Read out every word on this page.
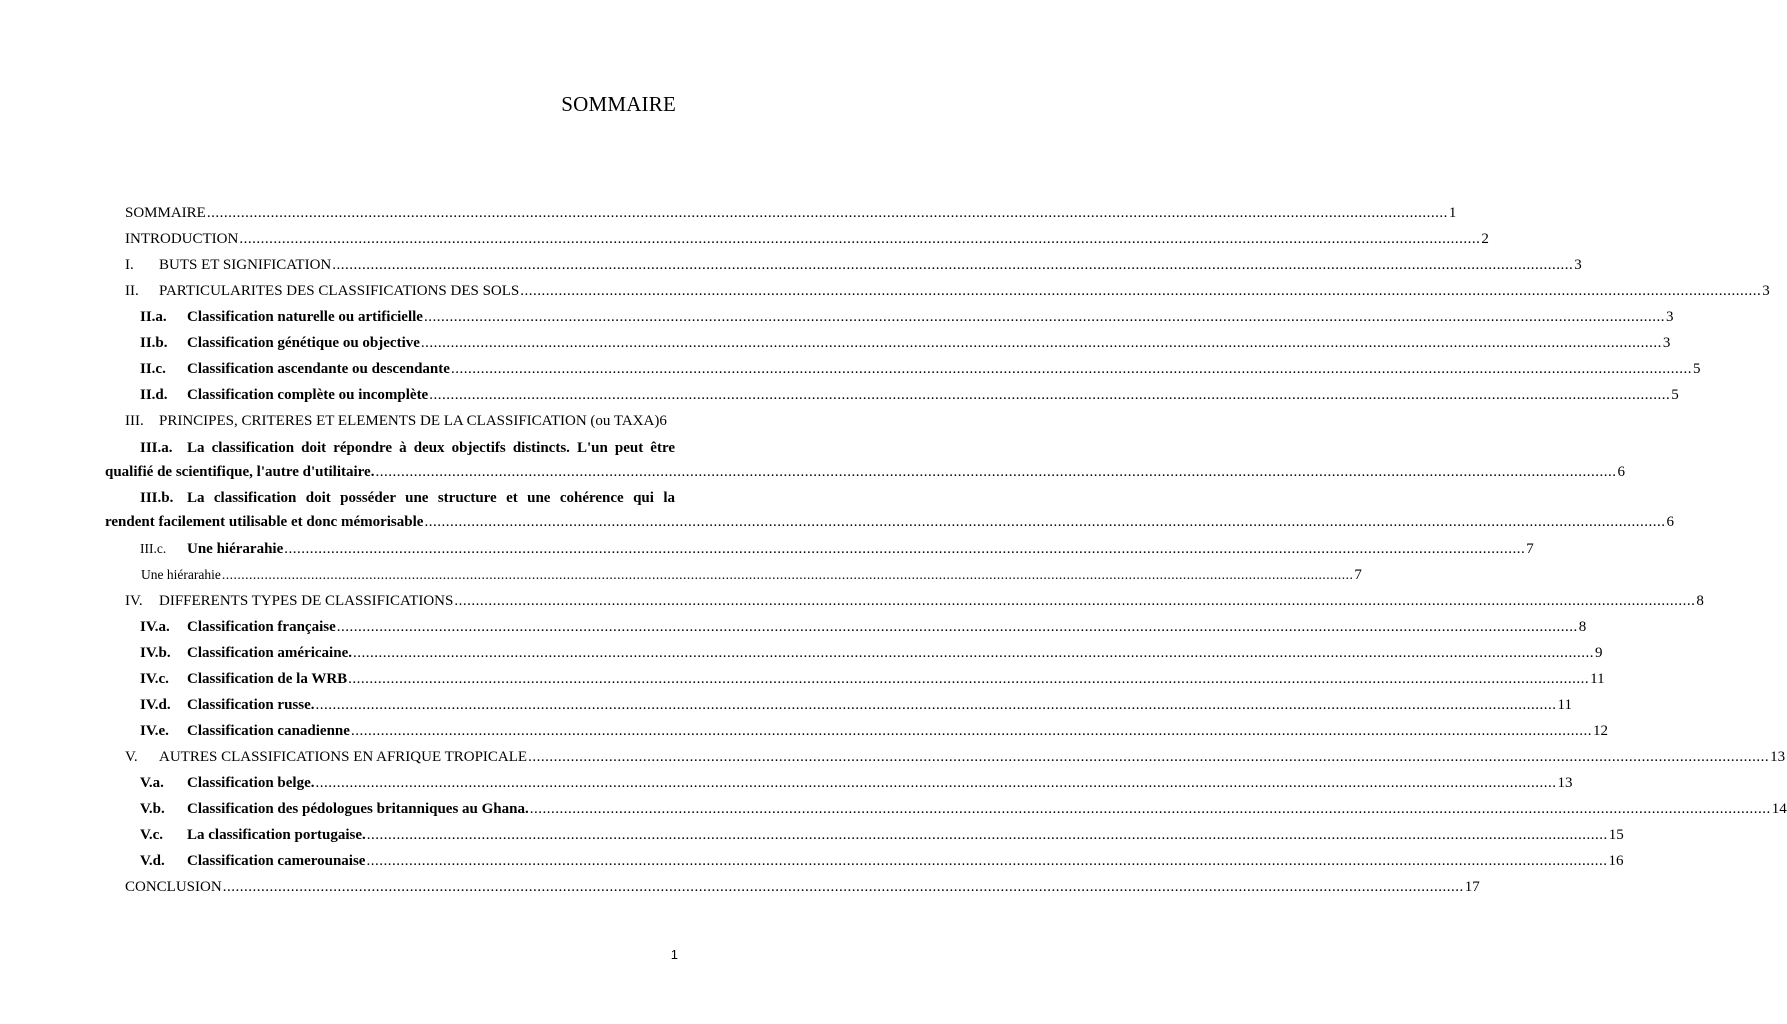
SOMMAIRE
SOMMAIRE .....	1
INTRODUCTION .....	2
I.	BUTS ET SIGNIFICATION .....	3
II.	PARTICULARITES DES CLASSIFICATIONS DES SOLS .....	3
II.a.	Classification naturelle ou artificielle .....	3
II.b.	Classification génétique ou objective .....	3
II.c.	Classification ascendante ou descendante .....	5
II.d.	Classification complète ou incomplète .....	5
III.	PRINCIPES, CRITERES ET ELEMENTS DE LA CLASSIFICATION (ou TAXA) 6
III.a. La classification doit répondre à deux objectifs distincts. L'un peut être
qualifié de scientifique, l'autre d'utilitaire. .....	6
III.b. La classification doit posséder une structure et une cohérence qui la
rendent facilement utilisable et donc mémorisable .....	6
III.c.	Une hiérarahie .....	7
Une hiérarahie .....	7
IV.	DIFFERENTS TYPES DE CLASSIFICATIONS .....	8
IV.a.	Classification française .....	8
IV.b.	Classification américaine. .....	9
IV.c.	Classification de la WRB .....	11
IV.d.	Classification russe. .....	11
IV.e.	Classification canadienne .....	12
V.	AUTRES CLASSIFICATIONS EN AFRIQUE TROPICALE .....	13
V.a.	Classification belge. .....	13
V.b.	Classification des pédologues britanniques au Ghana. .....	14
V.c.	La classification portugaise. .....	15
V.d.	Classification camerounaise .....	16
CONCLUSION .....	17
1
